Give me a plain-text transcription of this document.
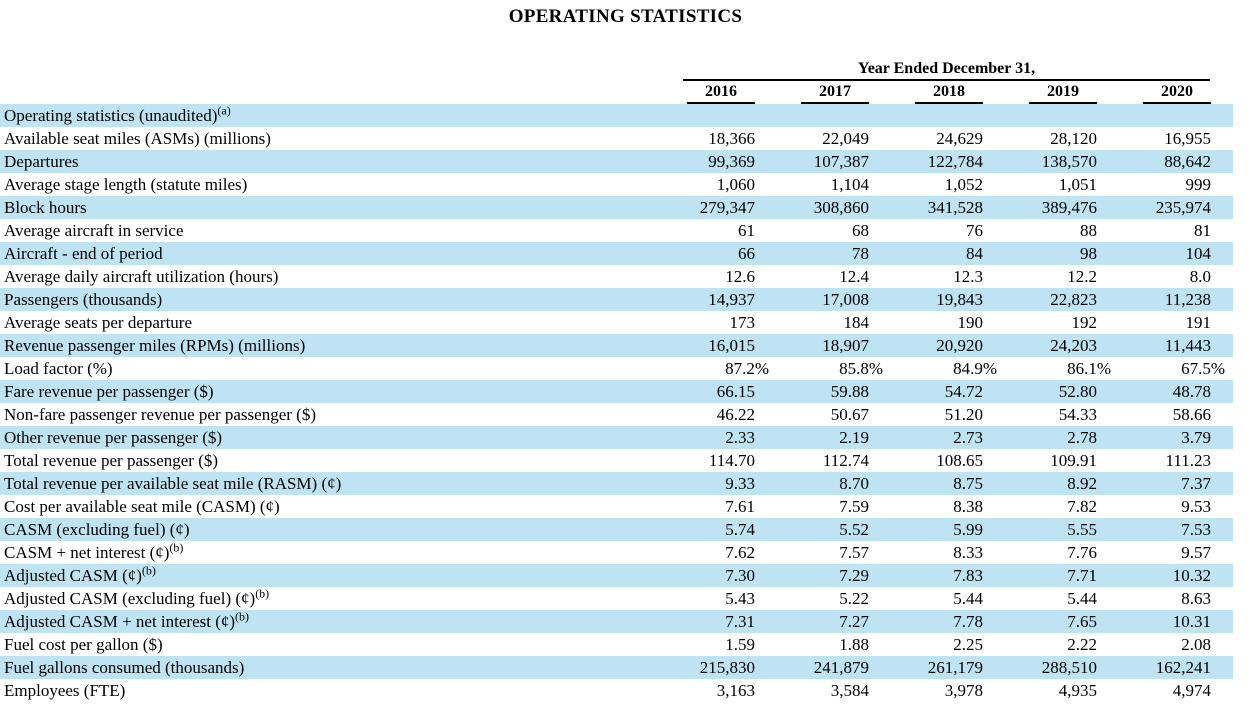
OPERATING STATISTICS

	Year Ended December 31,				

	2016	2017	2018	2019	2020
Operating statistics (unaudited)$^{(a)}$					
Available seat miles (ASMs) (millions)	18,366	22,049	24,629	28,120	16,955
Departures	99,369	107,387	122,784	138,570	88,642
Average stage length (statute miles)	1,060	1,104	1,052	1,051	999
Block hours	279,347	308,860	341,528	389,476	235,974
Average aircraft in service	61	68	76	88	81
Aircraft - end of period	66	78	84	98	104
Average daily aircraft utilization (hours)	12.6	12.4	12.3	12.2	8.0
Passengers (thousands)	14,937	17,008	19,843	22,823	11,238
Average seats per departure	173	184	190	192	191
Revenue passenger miles (RPMs) (millions)	16,015	18,907	20,920	24,203	11,443
Load factor (%)	87.2%	85.8%	84.9%	86.1%	67.5%
Fare revenue per passenger ($)	66.15	59.88	54.72	52.80	48.78
Non-fare passenger revenue per passenger ($)	46.22	50.67	51.20	54.33	58.66
Other revenue per passenger ($)	2.33	2.19	2.73	2.78	3.79
Total revenue per passenger ($)	114.70	112.74	108.65	109.91	111.23
Total revenue per available seat mile (RASM) (¢)	9.33	8.70	8.75	8.92	7.37
Cost per available seat mile (CASM) (¢)	7.61	7.59	8.38	7.82	9.53
CASM (excluding fuel) (¢)	5.74	5.52	5.99	5.55	7.53
CASM + net interest (¢)$^{(b)}$	7.62	7.57	8.33	7.76	9.57
Adjusted CASM (¢)$^{(b)}$	7.30	7.29	7.83	7.71	10.32
Adjusted CASM (excluding fuel) (¢)$^{(b)}$	5.43	5.22	5.44	5.44	8.63
Adjusted CASM + net interest (¢)$^{(b)}$	7.31	7.27	7.78	7.65	10.31
Fuel cost per gallon ($)	1.59	1.88	2.25	2.22	2.08
Fuel gallons consumed (thousands)	215,830	241,879	261,179	288,510	162,241
Employees (FTE)	3,163	3,584	3,978	4,935	4,974
